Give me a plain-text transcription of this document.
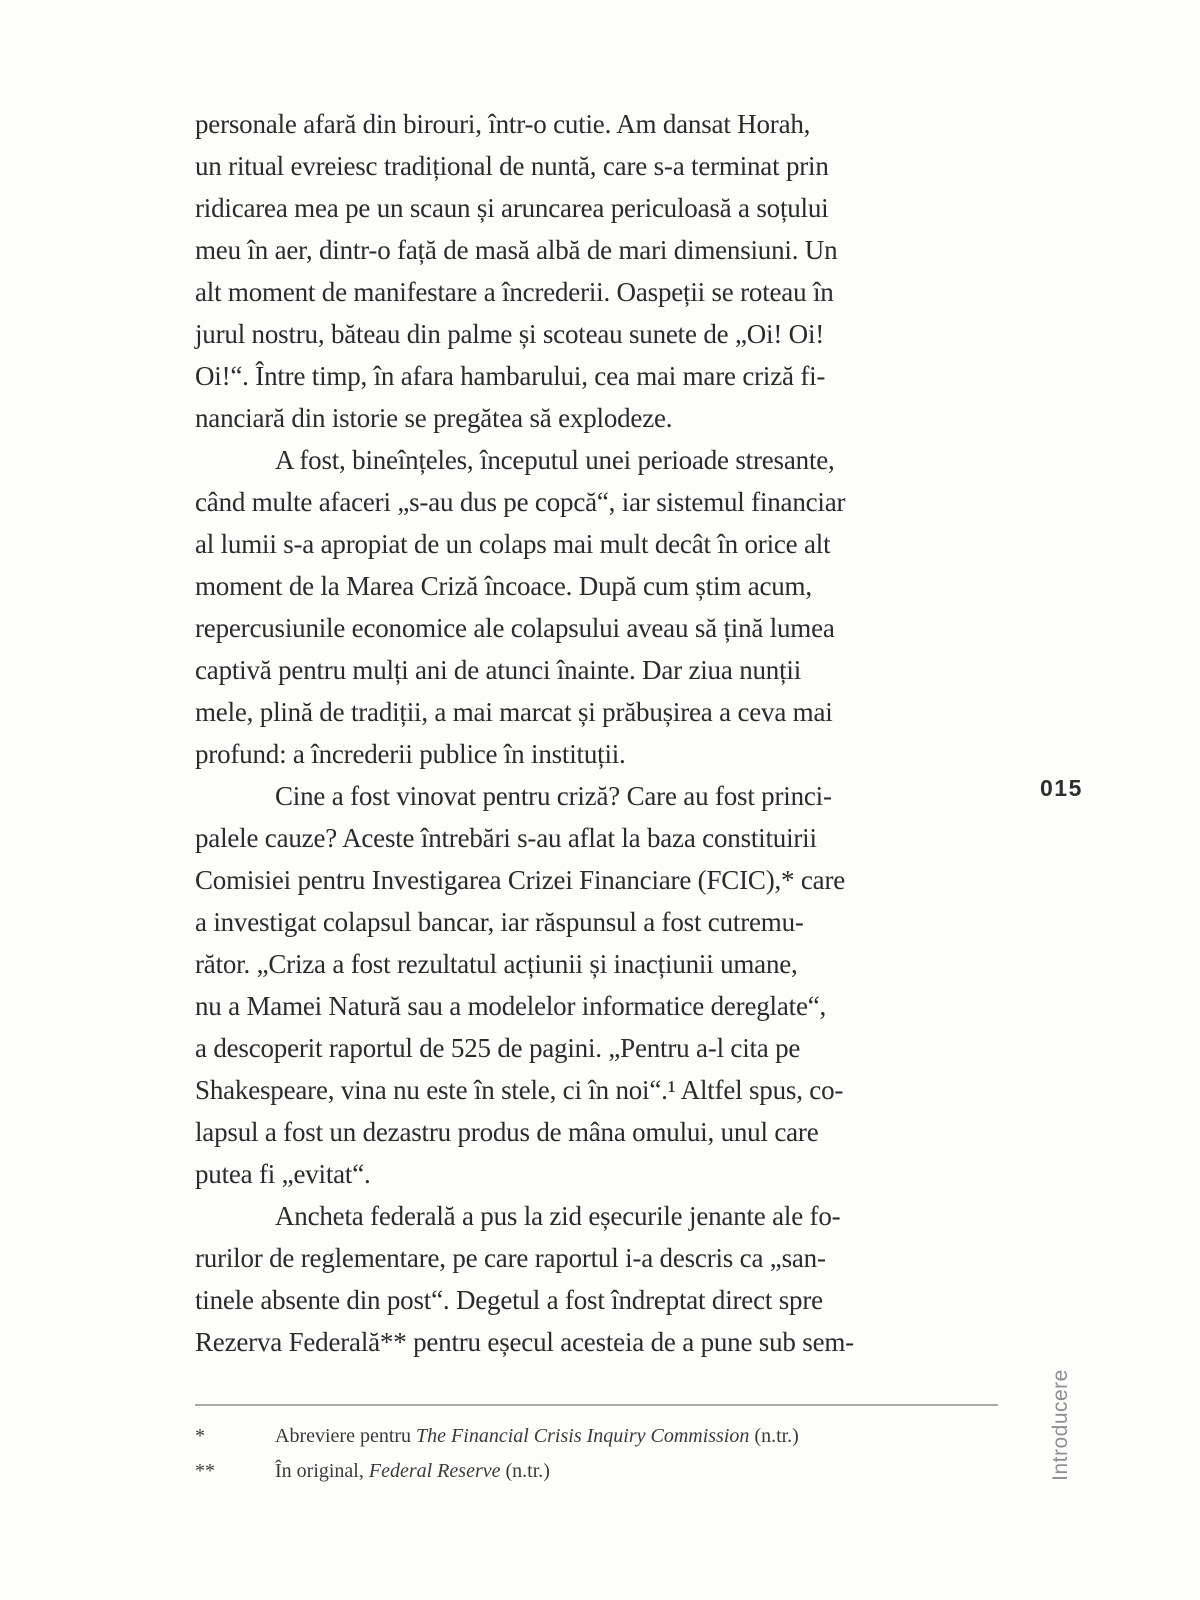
personale afară din birouri, într-o cutie. Am dansat Horah,
un ritual evreiesc tradițional de nuntă, care s-a terminat prin
ridicarea mea pe un scaun și aruncarea periculoasă a soțului
meu în aer, dintr-o față de masă albă de mari dimensiuni. Un
alt moment de manifestare a încrederii. Oaspeții se roteau în
jurul nostru, băteau din palme și scoteau sunete de „Oi! Oi!
Oi!“. Între timp, în afara hambarului, cea mai mare criză fi-
nanciară din istorie se pregătea să explodeze.
A fost, bineînțeles, începutul unei perioade stresante,
când multe afaceri „s-au dus pe copcă“, iar sistemul financiar
al lumii s-a apropiat de un colaps mai mult decât în orice alt
moment de la Marea Criză încoace. După cum știm acum,
repercusiunile economice ale colapsului aveau să țină lumea
captivă pentru mulți ani de atunci înainte. Dar ziua nunții
mele, plină de tradiții, a mai marcat și prăbușirea a ceva mai
profund: a încrederii publice în instituții.
Cine a fost vinovat pentru criză? Care au fost princi-
palele cauze? Aceste întrebări s-au aflat la baza constituirii
Comisiei pentru Investigarea Crizei Financiare (FCIC),* care
a investigat colapsul bancar, iar răspunsul a fost cutremu-
rător. „Criza a fost rezultatul acțiunii și inacțiunii umane,
nu a Mamei Natură sau a modelelor informatice dereglate“,
a descoperit raportul de 525 de pagini. „Pentru a-l cita pe
Shakespeare, vina nu este în stele, ci în noi“.¹ Altfel spus, co-
lapsul a fost un dezastru produs de mâna omului, unul care
putea fi „evitat“.
Ancheta federală a pus la zid eșecurile jenante ale fo-
rurilor de reglementare, pe care raportul i-a descris ca „san-
tinele absente din post“. Degetul a fost îndreptat direct spre
Rezerva Federală** pentru eșecul acesteia de a pune sub sem-
015
*	Abreviere pentru The Financial Crisis Inquiry Commission (n.tr.)
**	În original, Federal Reserve (n.tr.)	Introducere
